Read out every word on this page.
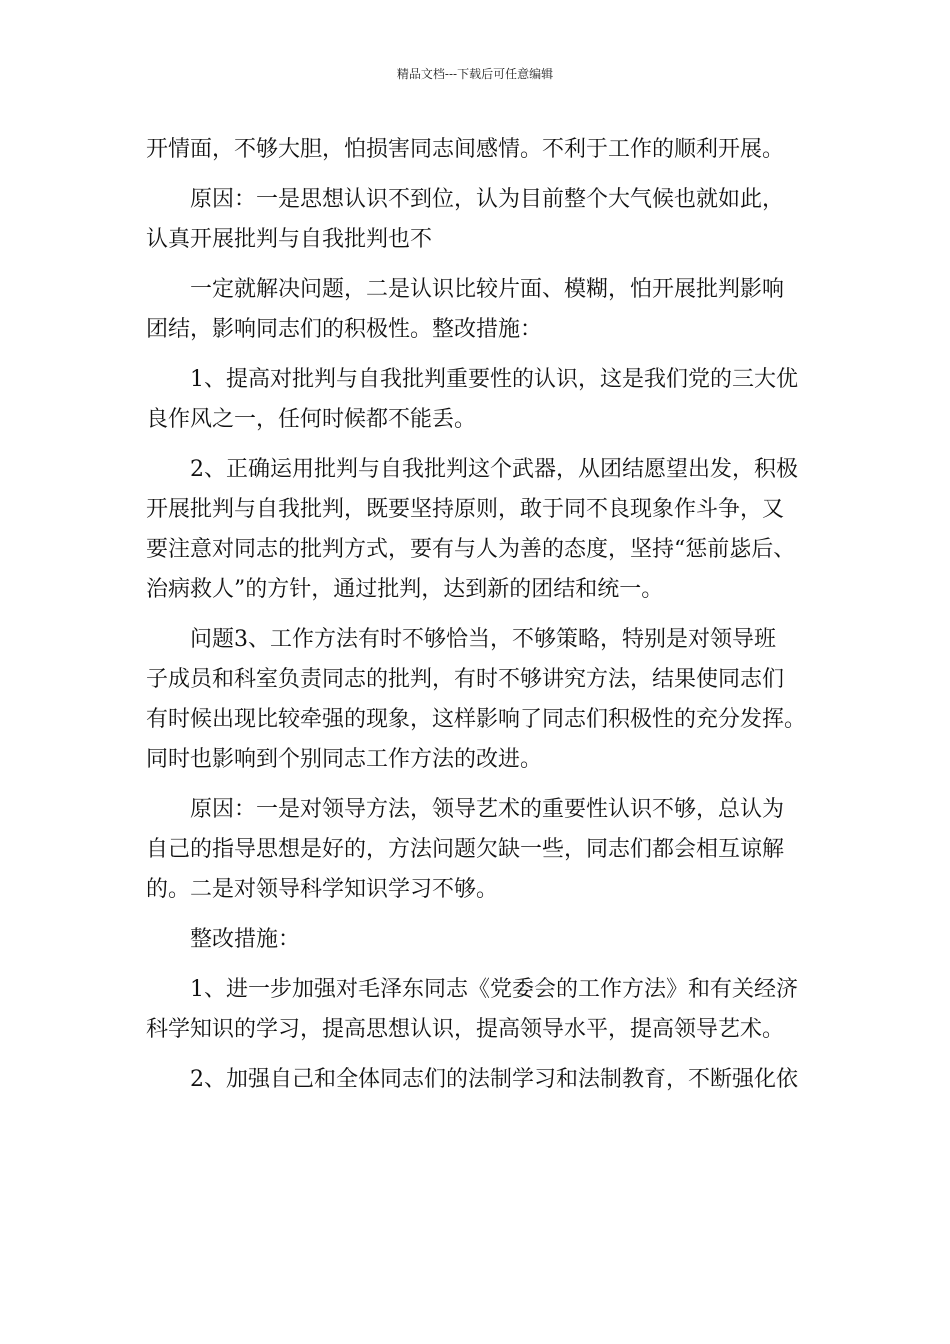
精品文档---下载后可任意编辑
开情面，不够大胆，怕损害同志间感情。不利于工作的顺利开展。
原因：一是思想认识不到位，认为目前整个大气候也就如此，
认真开展批判与自我批判也不
一定就解决问题，二是认识比较片面、模糊，怕开展批判影响
团结，影响同志们的积极性。整改措施：
1、提高对批判与自我批判重要性的认识，这是我们党的三大优
良作风之一，任何时候都不能丢。
2、正确运用批判与自我批判这个武器，从团结愿望出发，积极
开展批判与自我批判，既要坚持原则，敢于同不良现象作斗争，又
要注意对同志的批判方式，要有与人为善的态度，坚持“惩前毖后、
治病救人”的方针，通过批判，达到新的团结和统一。
问题3、工作方法有时不够恰当，不够策略，特别是对领导班
子成员和科室负责同志的批判，有时不够讲究方法，结果使同志们
有时候出现比较牵强的现象，这样影响了同志们积极性的充分发挥。
同时也影响到个别同志工作方法的改进。
原因：一是对领导方法，领导艺术的重要性认识不够，总认为
自己的指导思想是好的，方法问题欠缺一些，同志们都会相互谅解
的。二是对领导科学知识学习不够。
整改措施：
1、进一步加强对毛泽东同志《党委会的工作方法》和有关经济
科学知识的学习，提高思想认识，提高领导水平，提高领导艺术。
2、加强自己和全体同志们的法制学习和法制教育，不断强化依
